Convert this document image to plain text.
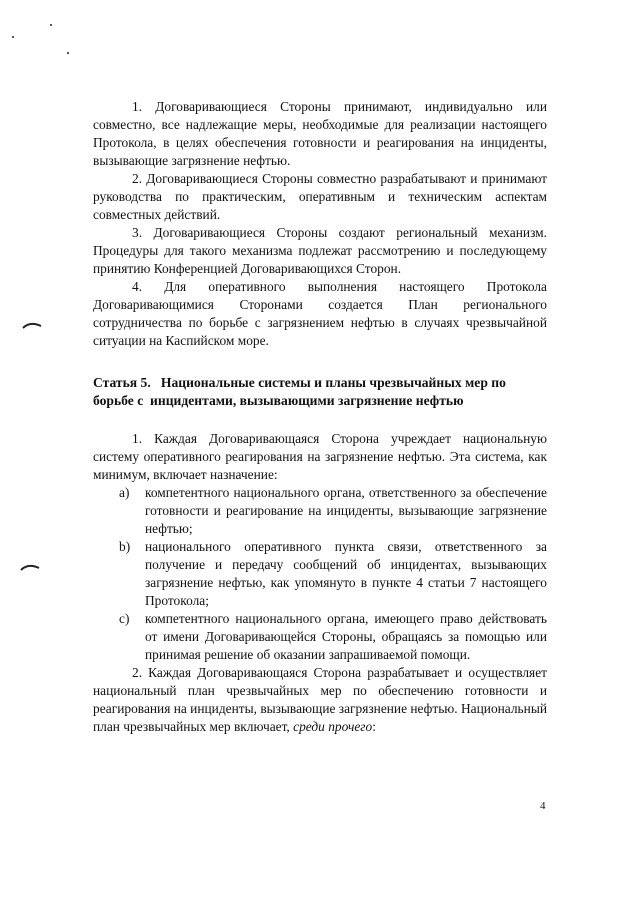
1. Договаривающиеся Стороны принимают, индивидуально или совместно, все надлежащие меры, необходимые для реализации настоящего Протокола, в целях обеспечения готовности и реагирования на инциденты, вызывающие загрязнение нефтью.

2. Договаривающиеся Стороны совместно разрабатывают и принимают руководства по практическим, оперативным и техническим аспектам совместных действий.

3. Договаривающиеся Стороны создают региональный механизм. Процедуры для такого механизма подлежат рассмотрению и последующему принятию Конференцией Договаривающихся Сторон.

4. Для оперативного выполнения настоящего Протокола Договаривающимися Сторонами создается План регионального сотрудничества по борьбе с загрязнением нефтью в случаях чрезвычайной ситуации на Каспийском море.

Статья 5.   Национальные системы и планы чрезвычайных мер по борьбе с  инцидентами, вызывающими загрязнение нефтью

1. Каждая Договаривающаяся Сторона учреждает национальную систему оперативного реагирования на загрязнение нефтью. Эта система, как минимум, включает назначение:

a)	компетентного национального органа, ответственного за обеспечение готовности и реагирование на инциденты, вызывающие загрязнение нефтью;
b)	национального оперативного пункта связи, ответственного за получение и передачу сообщений об инцидентах, вызывающих загрязнение нефтью, как упомянуто в пункте 4 статьи 7 настоящего Протокола;
c)	компетентного национального органа, имеющего право действовать от имени Договаривающейся Стороны, обращаясь за помощью или принимая решение об оказании запрашиваемой помощи.

2. Каждая Договаривающаяся Сторона разрабатывает и осуществляет национальный план чрезвычайных мер по обеспечению готовности и реагирования на инциденты, вызывающие загрязнение нефтью. Национальный план чрезвычайных мер включает, среди прочего:

4
